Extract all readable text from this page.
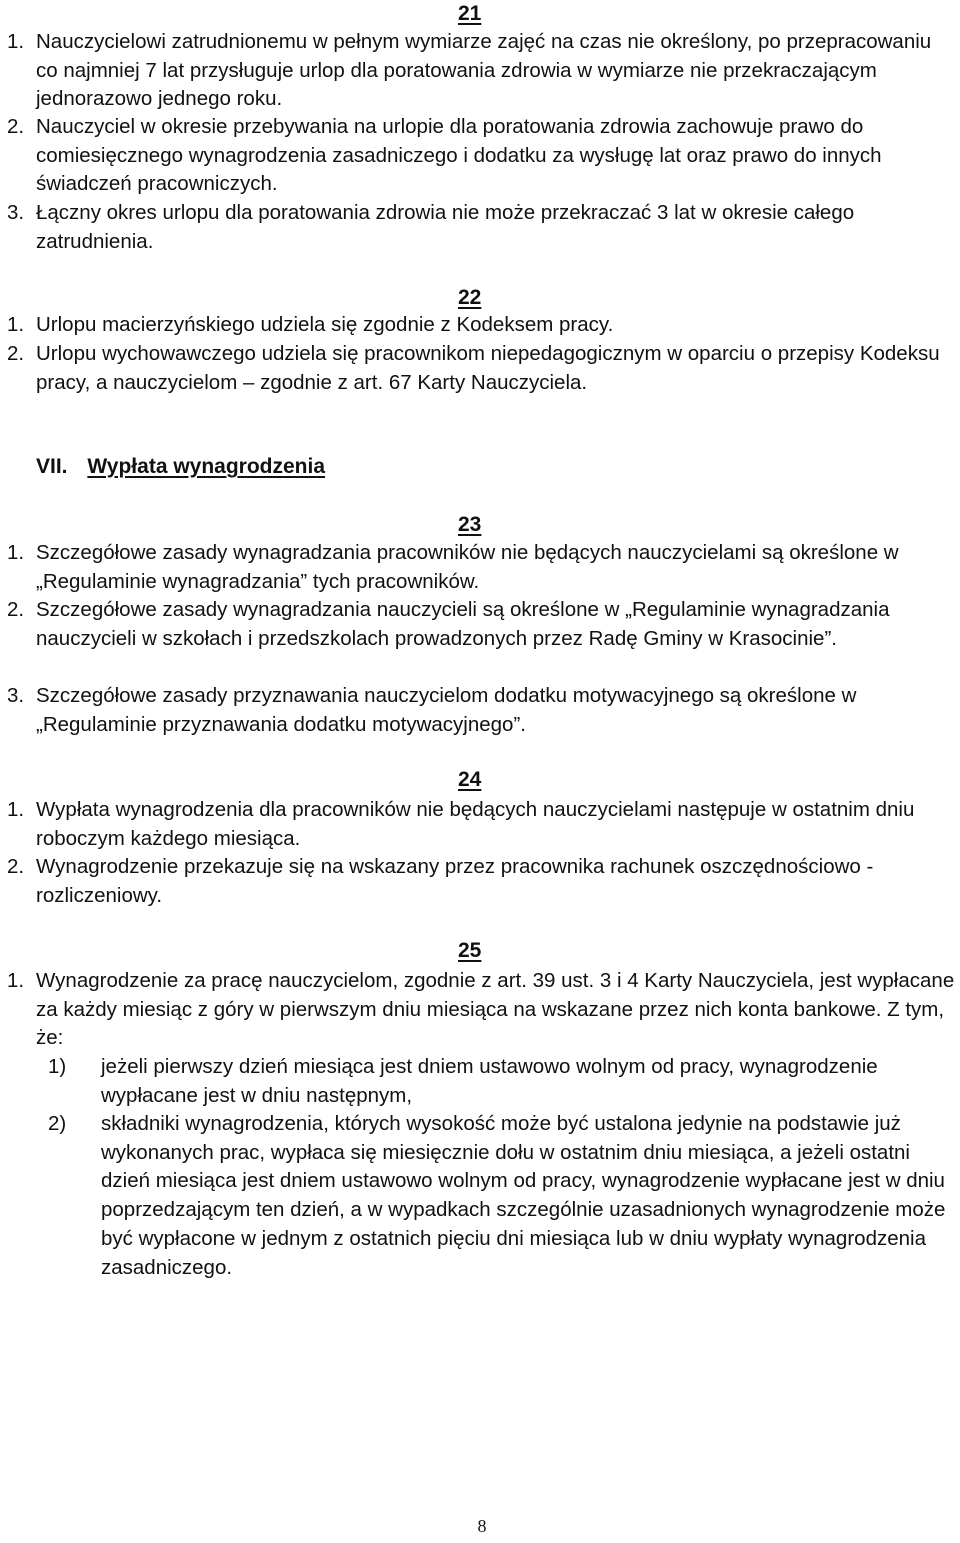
21
1. Nauczycielowi zatrudnionemu w pełnym wymiarze zajęć na czas nie określony, po przepracowaniu co najmniej 7 lat przysługuje urlop dla poratowania zdrowia w wymiarze nie przekraczającym jednorazowo jednego roku.
2. Nauczyciel w okresie przebywania na urlopie dla poratowania zdrowia zachowuje prawo do comiesięcznego wynagrodzenia zasadniczego i dodatku za wysługę lat oraz prawo do innych świadczeń pracowniczych.
3. Łączny okres urlopu dla poratowania zdrowia nie może przekraczać 3 lat w okresie całego zatrudnienia.
22
1. Urlopu macierzyńskiego udziela się zgodnie z Kodeksem pracy.
2. Urlopu wychowawczego udziela się pracownikom niepedagogicznym w oparciu o przepisy Kodeksu pracy, a nauczycielom – zgodnie z art. 67 Karty Nauczyciela.
VII. Wypłata wynagrodzenia
23
1. Szczegółowe zasady wynagradzania pracowników nie będących nauczycielami są określone w „Regulaminie wynagradzania” tych pracowników.
2. Szczegółowe zasady wynagradzania nauczycieli są określone w „Regulaminie wynagradzania nauczycieli w szkołach i przedszkolach prowadzonych przez Radę Gminy w Krasocinie”.
3. Szczegółowe zasady przyznawania nauczycielom dodatku motywacyjnego są określone w „Regulaminie przyznawania dodatku motywacyjnego”.
24
1. Wypłata wynagrodzenia dla pracowników nie będących nauczycielami następuje w ostatnim dniu roboczym każdego miesiąca.
2. Wynagrodzenie przekazuje się na wskazany przez pracownika rachunek oszczędnościowo - rozliczeniowy.
25
1. Wynagrodzenie za pracę nauczycielom, zgodnie z art. 39 ust. 3 i 4 Karty Nauczyciela, jest wypłacane za każdy miesiąc z góry w pierwszym dniu miesiąca na wskazane przez nich konta bankowe. Z tym, że:
1)	jeżeli pierwszy dzień miesiąca jest dniem ustawowo wolnym od pracy, wynagrodzenie wypłacane jest w dniu następnym,
2)	składniki wynagrodzenia, których wysokość może być ustalona jedynie na podstawie już wykonanych prac, wypłaca się miesięcznie dołu w ostatnim dniu miesiąca, a jeżeli ostatni dzień miesiąca jest dniem ustawowo wolnym od pracy, wynagrodzenie wypłacane jest w dniu poprzedzającym ten dzień, a w wypadkach szczególnie uzasadnionych wynagrodzenie może być wypłacone w jednym z ostatnich pięciu dni miesiąca lub w dniu wypłaty wynagrodzenia zasadniczego.
8
